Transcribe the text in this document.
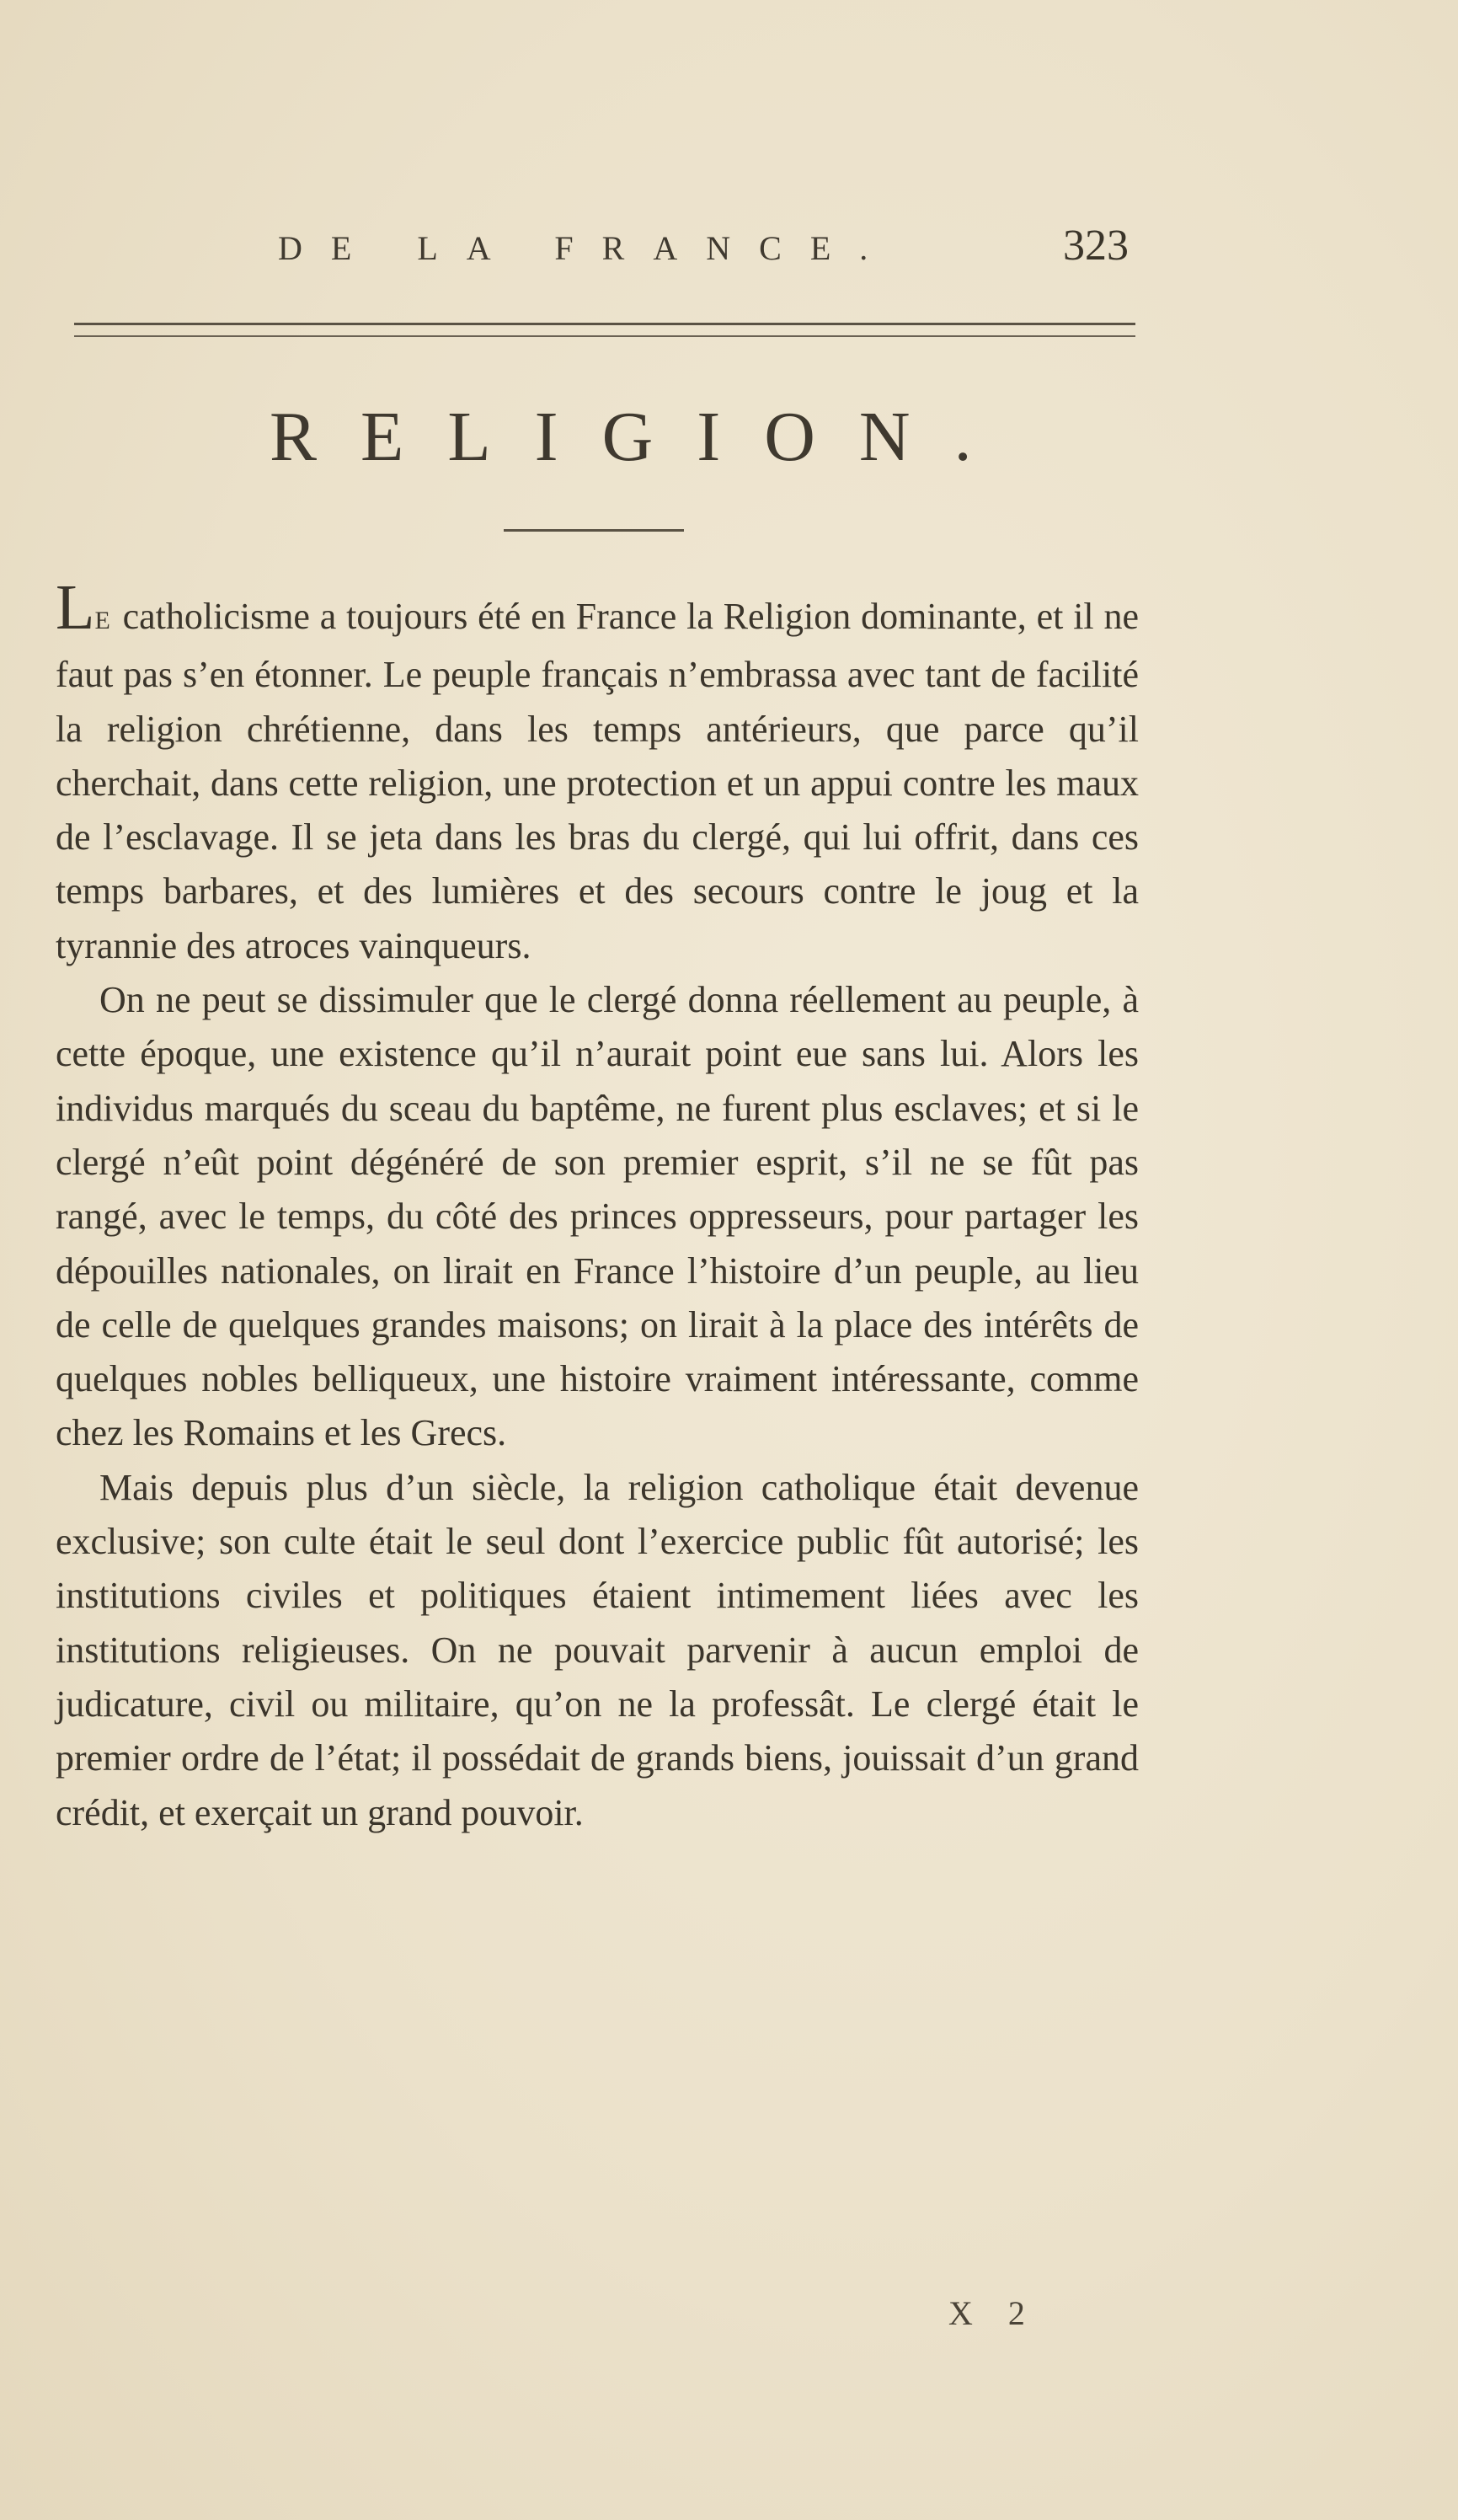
DE LA FRANCE.	323
RELIGION.

LE catholicisme a toujours été en France la Religion dominante, et il ne faut pas s’en étonner. Le peuple français n’embrassa avec tant de facilité la religion chrétienne, dans les temps antérieurs, que parce qu’il cherchait, dans cette religion, une protection et un appui contre les maux de l’esclavage. Il se jeta dans les bras du clergé, qui lui offrit, dans ces temps barbares, et des lumières et des secours contre le joug et la tyrannie des atroces vainqueurs.

On ne peut se dissimuler que le clergé donna réellement au peuple, à cette époque, une existence qu’il n’aurait point eue sans lui. Alors les individus marqués du sceau du baptême, ne furent plus esclaves; et si le clergé n’eût point dégénéré de son premier esprit, s’il ne se fût pas rangé, avec le temps, du côté des princes oppresseurs, pour partager les dépouilles nationales, on lirait en France l’histoire d’un peuple, au lieu de celle de quelques grandes maisons; on lirait à la place des intérêts de quelques nobles belliqueux, une histoire vraiment intéressante, comme chez les Romains et les Grecs.

Mais depuis plus d’un siècle, la religion catholique était devenue exclusive; son culte était le seul dont l’exercice public fût autorisé; les institutions civiles et politiques étaient intimement liées avec les institutions religieuses. On ne pouvait parvenir à aucun emploi de judicature, civil ou militaire, qu’on ne la professât. Le clergé était le premier ordre de l’état; il possédait de grands biens, jouissait d’un grand crédit, et exerçait un grand pouvoir.

X 2
